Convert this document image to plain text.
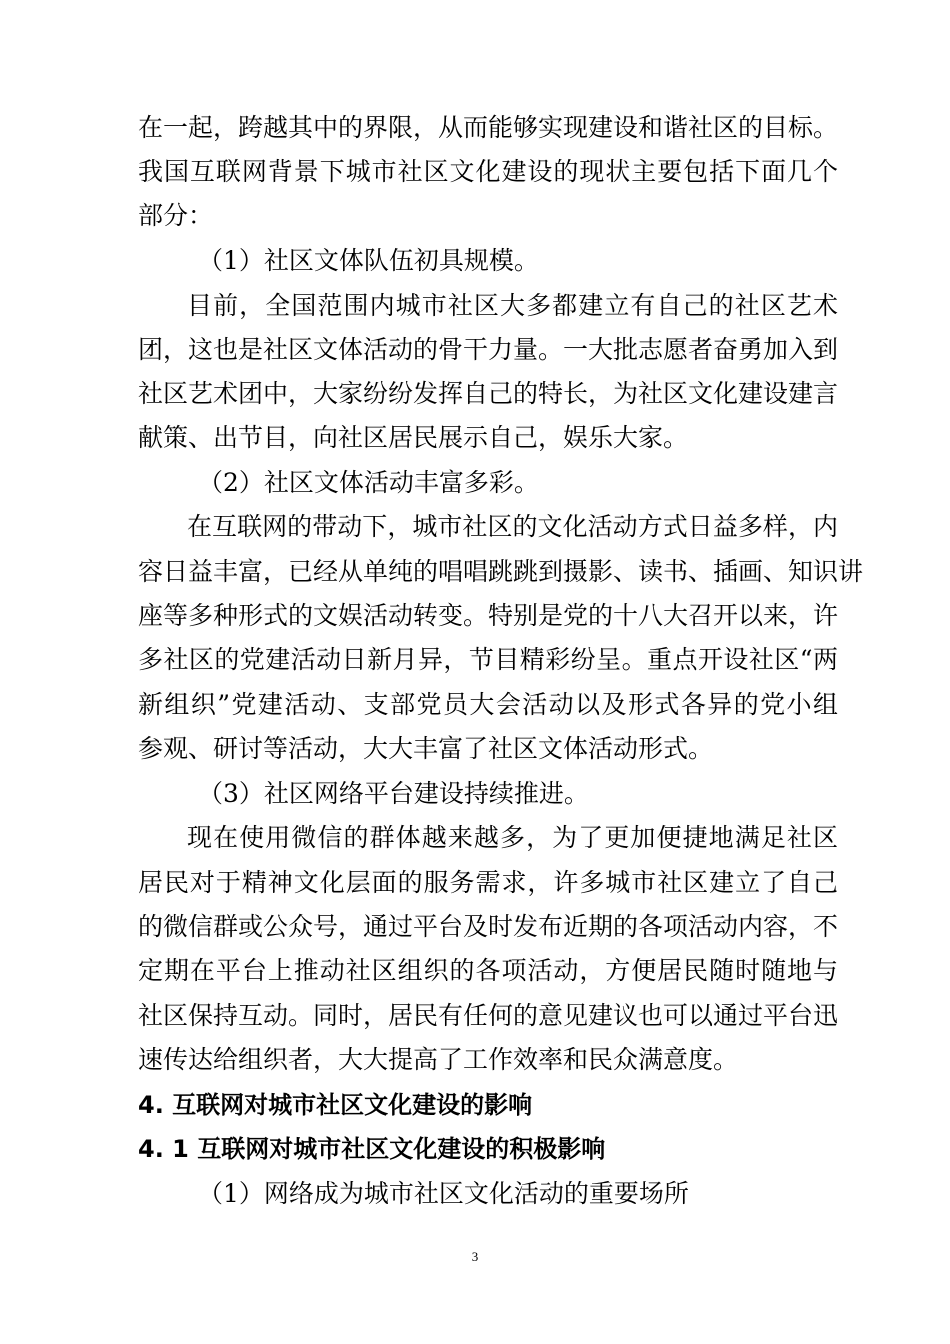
在一起，跨越其中的界限，从而能够实现建设和谐社区的目标。
我国互联网背景下城市社区文化建设的现状主要包括下面几个
部分：
（1）社区文体队伍初具规模。
目前，全国范围内城市社区大多都建立有自己的社区艺术
团，这也是社区文体活动的骨干力量。一大批志愿者奋勇加入到
社区艺术团中，大家纷纷发挥自己的特长，为社区文化建设建言
献策、出节目，向社区居民展示自己，娱乐大家。
（2）社区文体活动丰富多彩。
在互联网的带动下，城市社区的文化活动方式日益多样，内
容日益丰富，已经从单纯的唱唱跳跳到摄影、读书、插画、知识讲
座等多种形式的文娱活动转变。特别是党的十八大召开以来，许
多社区的党建活动日新月异，节目精彩纷呈。重点开设社区“两
新组织”党建活动、支部党员大会活动以及形式各异的党小组
参观、研讨等活动，大大丰富了社区文体活动形式。
（3）社区网络平台建设持续推进。
现在使用微信的群体越来越多，为了更加便捷地满足社区
居民对于精神文化层面的服务需求，许多城市社区建立了自己
的微信群或公众号，通过平台及时发布近期的各项活动内容，不
定期在平台上推动社区组织的各项活动，方便居民随时随地与
社区保持互动。同时，居民有任何的意见建议也可以通过平台迅
速传达给组织者，大大提高了工作效率和民众满意度。
4. 互联网对城市社区文化建设的影响
4. 1 互联网对城市社区文化建设的积极影响
（1）网络成为城市社区文化活动的重要场所
3
